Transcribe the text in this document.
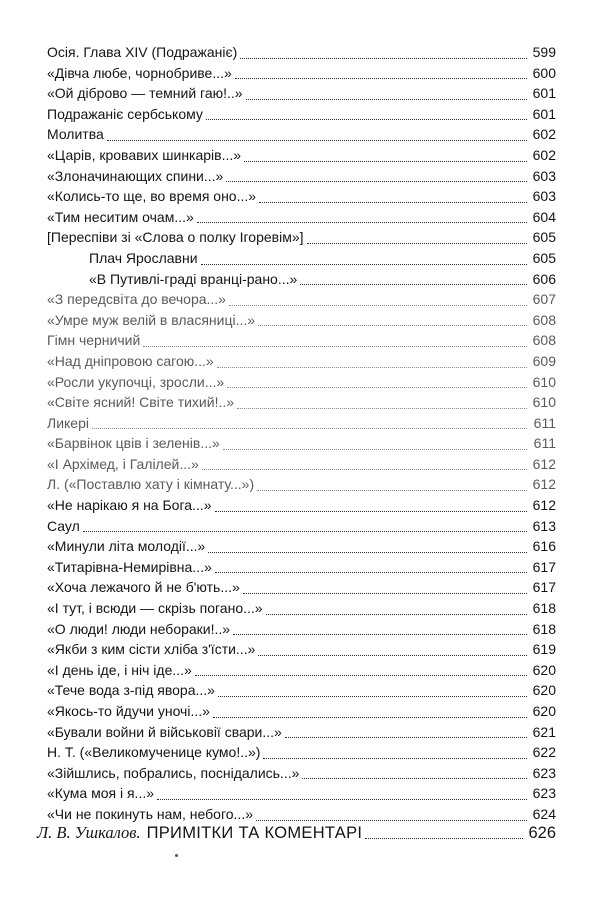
Осія. Глава XIV (Подражаніє)	599
«Дівча любе, чорнобриве...»	600
«Ой діброво — темний гаю!..»	601
Подражаніє сербському	601
Молитва	602
«Царів, кровавих шинкарів...»	602
«Злоначинающих спини...»	603
«Колись-то ще, во время оно...»	603
«Тим неситим очам...»	604
[Переспіви зі «Слова о полку Ігоревім»]	605
Плач Ярославни	605
«В Путивлі-граді вранці-рано...»	606
«З передсвіта до вечора...»	607
«Умре муж велій в власяниці...»	608
Гімн черничий	608
«Над дніпровою сагою...»	609
«Росли укупочці, зросли...»	610
«Світе ясний! Світе тихий!..»	610
Ликері	611
«Барвінок цвів і зеленів...»	611
«І Архімед, і Галілей...»	612
Л. («Поставлю хату і кімнату...»)	612
«Не нарікаю я на Бога...»	612
Саул	613
«Минули літа молодії...»	616
«Титарівна-Немирівна...»	617
«Хоча лежачого й не б'ють...»	617
«І тут, і всюди — скрізь погано...»	618
«О люди! люди небораки!..»	618
«Якби з ким сісти хліба з'їсти...»	619
«І день іде, і ніч іде...»	620
«Тече вода з-під явора...»	620
«Якось-то йдучи уночі...»	620
«Бували войни й військовії свари...»	621
Н. Т. («Великомученице кумо!..»)	622
«Зійшлись, побрались, поснідались...»	623
«Кума моя і я...»	623
«Чи не покинуть нам, небого...»	624
Л. В. Ушкалов. ПРИМІТКИ ТА КОМЕНТАРІ	626
